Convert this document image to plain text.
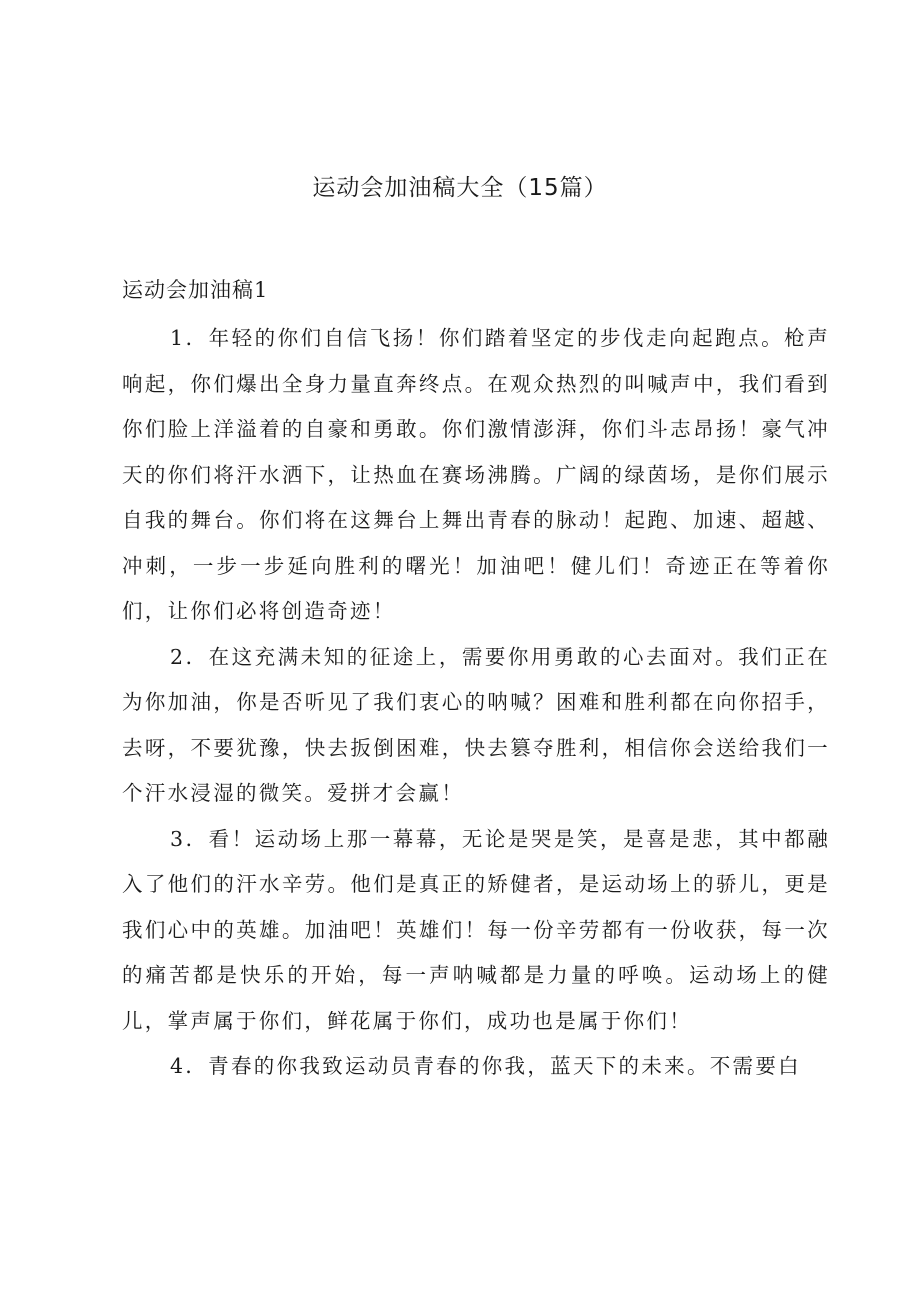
运动会加油稿大全（15篇）
运动会加油稿1

1．年轻的你们自信飞扬！你们踏着坚定的步伐走向起跑点。枪声响起，你们爆出全身力量直奔终点。在观众热烈的叫喊声中，我们看到你们脸上洋溢着的自豪和勇敢。你们激情澎湃，你们斗志昂扬！豪气冲天的你们将汗水洒下，让热血在赛场沸腾。广阔的绿茵场，是你们展示自我的舞台。你们将在这舞台上舞出青春的脉动！起跑、加速、超越、冲刺，一步一步延向胜利的曙光！加油吧！健儿们！奇迹正在等着你们，让你们必将创造奇迹！

2．在这充满未知的征途上，需要你用勇敢的心去面对。我们正在为你加油，你是否听见了我们衷心的呐喊？困难和胜利都在向你招手，去呀，不要犹豫，快去扳倒困难，快去篡夺胜利，相信你会送给我们一个汗水浸湿的微笑。爱拼才会赢！

3．看！运动场上那一幕幕，无论是哭是笑，是喜是悲，其中都融入了他们的汗水辛劳。他们是真正的矫健者，是运动场上的骄儿，更是我们心中的英雄。加油吧！英雄们！每一份辛劳都有一份收获，每一次的痛苦都是快乐的开始，每一声呐喊都是力量的呼唤。运动场上的健儿，掌声属于你们，鲜花属于你们，成功也是属于你们！

4．青春的你我致运动员青春的你我，蓝天下的未来。不需要白
